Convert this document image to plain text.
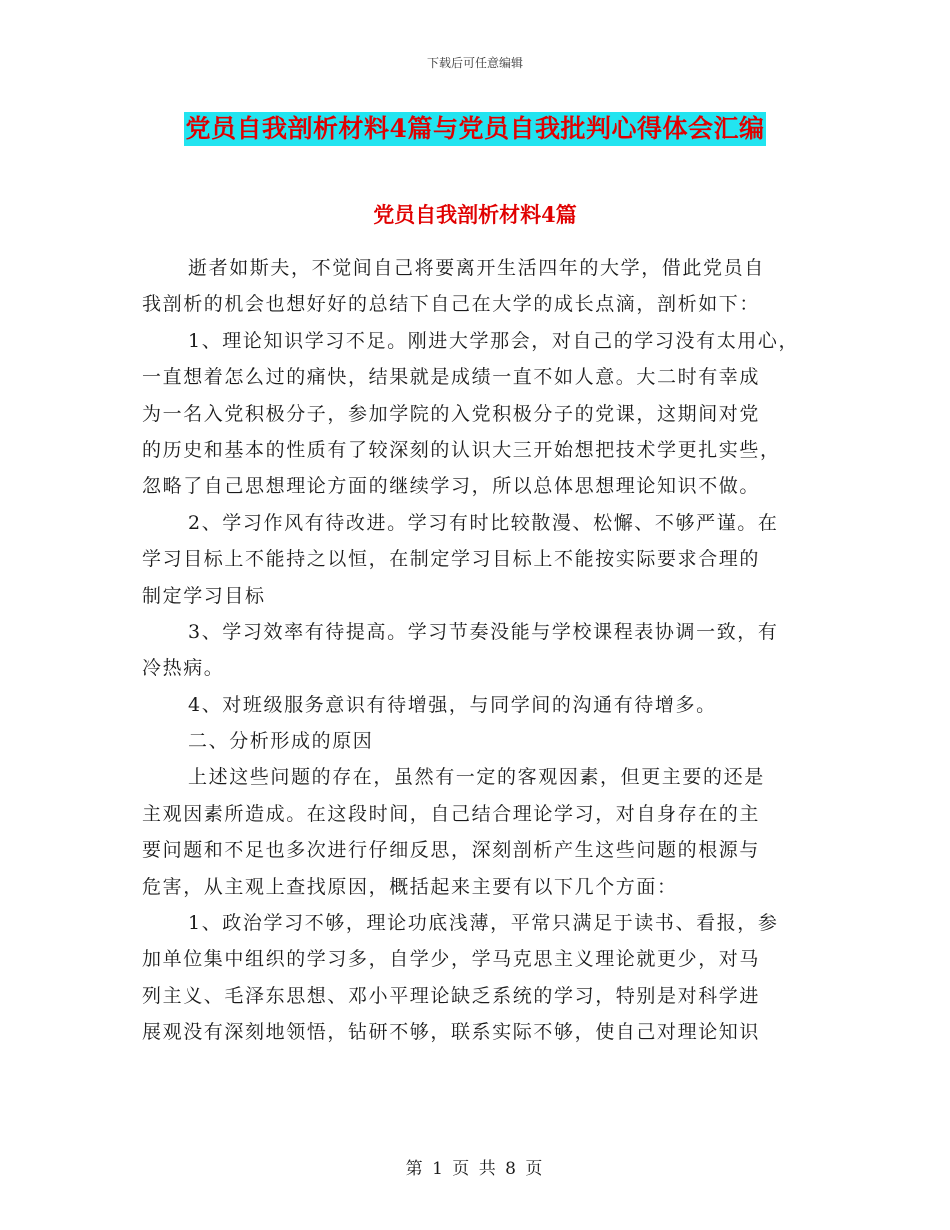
下载后可任意编辑
党员自我剖析材料4篇与党员自我批判心得体会汇编
党员自我剖析材料4篇
逝者如斯夫，不觉间自己将要离开生活四年的大学，借此党员自
我剖析的机会也想好好的总结下自己在大学的成长点滴，剖析如下：
1、理论知识学习不足。刚进大学那会，对自己的学习没有太用心，
一直想着怎么过的痛快，结果就是成绩一直不如人意。大二时有幸成
为一名入党积极分子，参加学院的入党积极分子的党课，这期间对党
的历史和基本的性质有了较深刻的认识大三开始想把技术学更扎实些，
忽略了自己思想理论方面的继续学习，所以总体思想理论知识不做。
2、学习作风有待改进。学习有时比较散漫、松懈、不够严谨。在
学习目标上不能持之以恒，在制定学习目标上不能按实际要求合理的
制定学习目标
3、学习效率有待提高。学习节奏没能与学校课程表协调一致，有
冷热病。
4、对班级服务意识有待增强，与同学间的沟通有待增多。
二、分析形成的原因
上述这些问题的存在，虽然有一定的客观因素，但更主要的还是
主观因素所造成。在这段时间，自己结合理论学习，对自身存在的主
要问题和不足也多次进行仔细反思，深刻剖析产生这些问题的根源与
危害，从主观上查找原因，概括起来主要有以下几个方面：
1、政治学习不够，理论功底浅薄，平常只满足于读书、看报，参
加单位集中组织的学习多，自学少，学马克思主义理论就更少，对马
列主义、毛泽东思想、邓小平理论缺乏系统的学习，特别是对科学进
展观没有深刻地领悟，钻研不够，联系实际不够，使自己对理论知识
第 1 页 共 8 页
